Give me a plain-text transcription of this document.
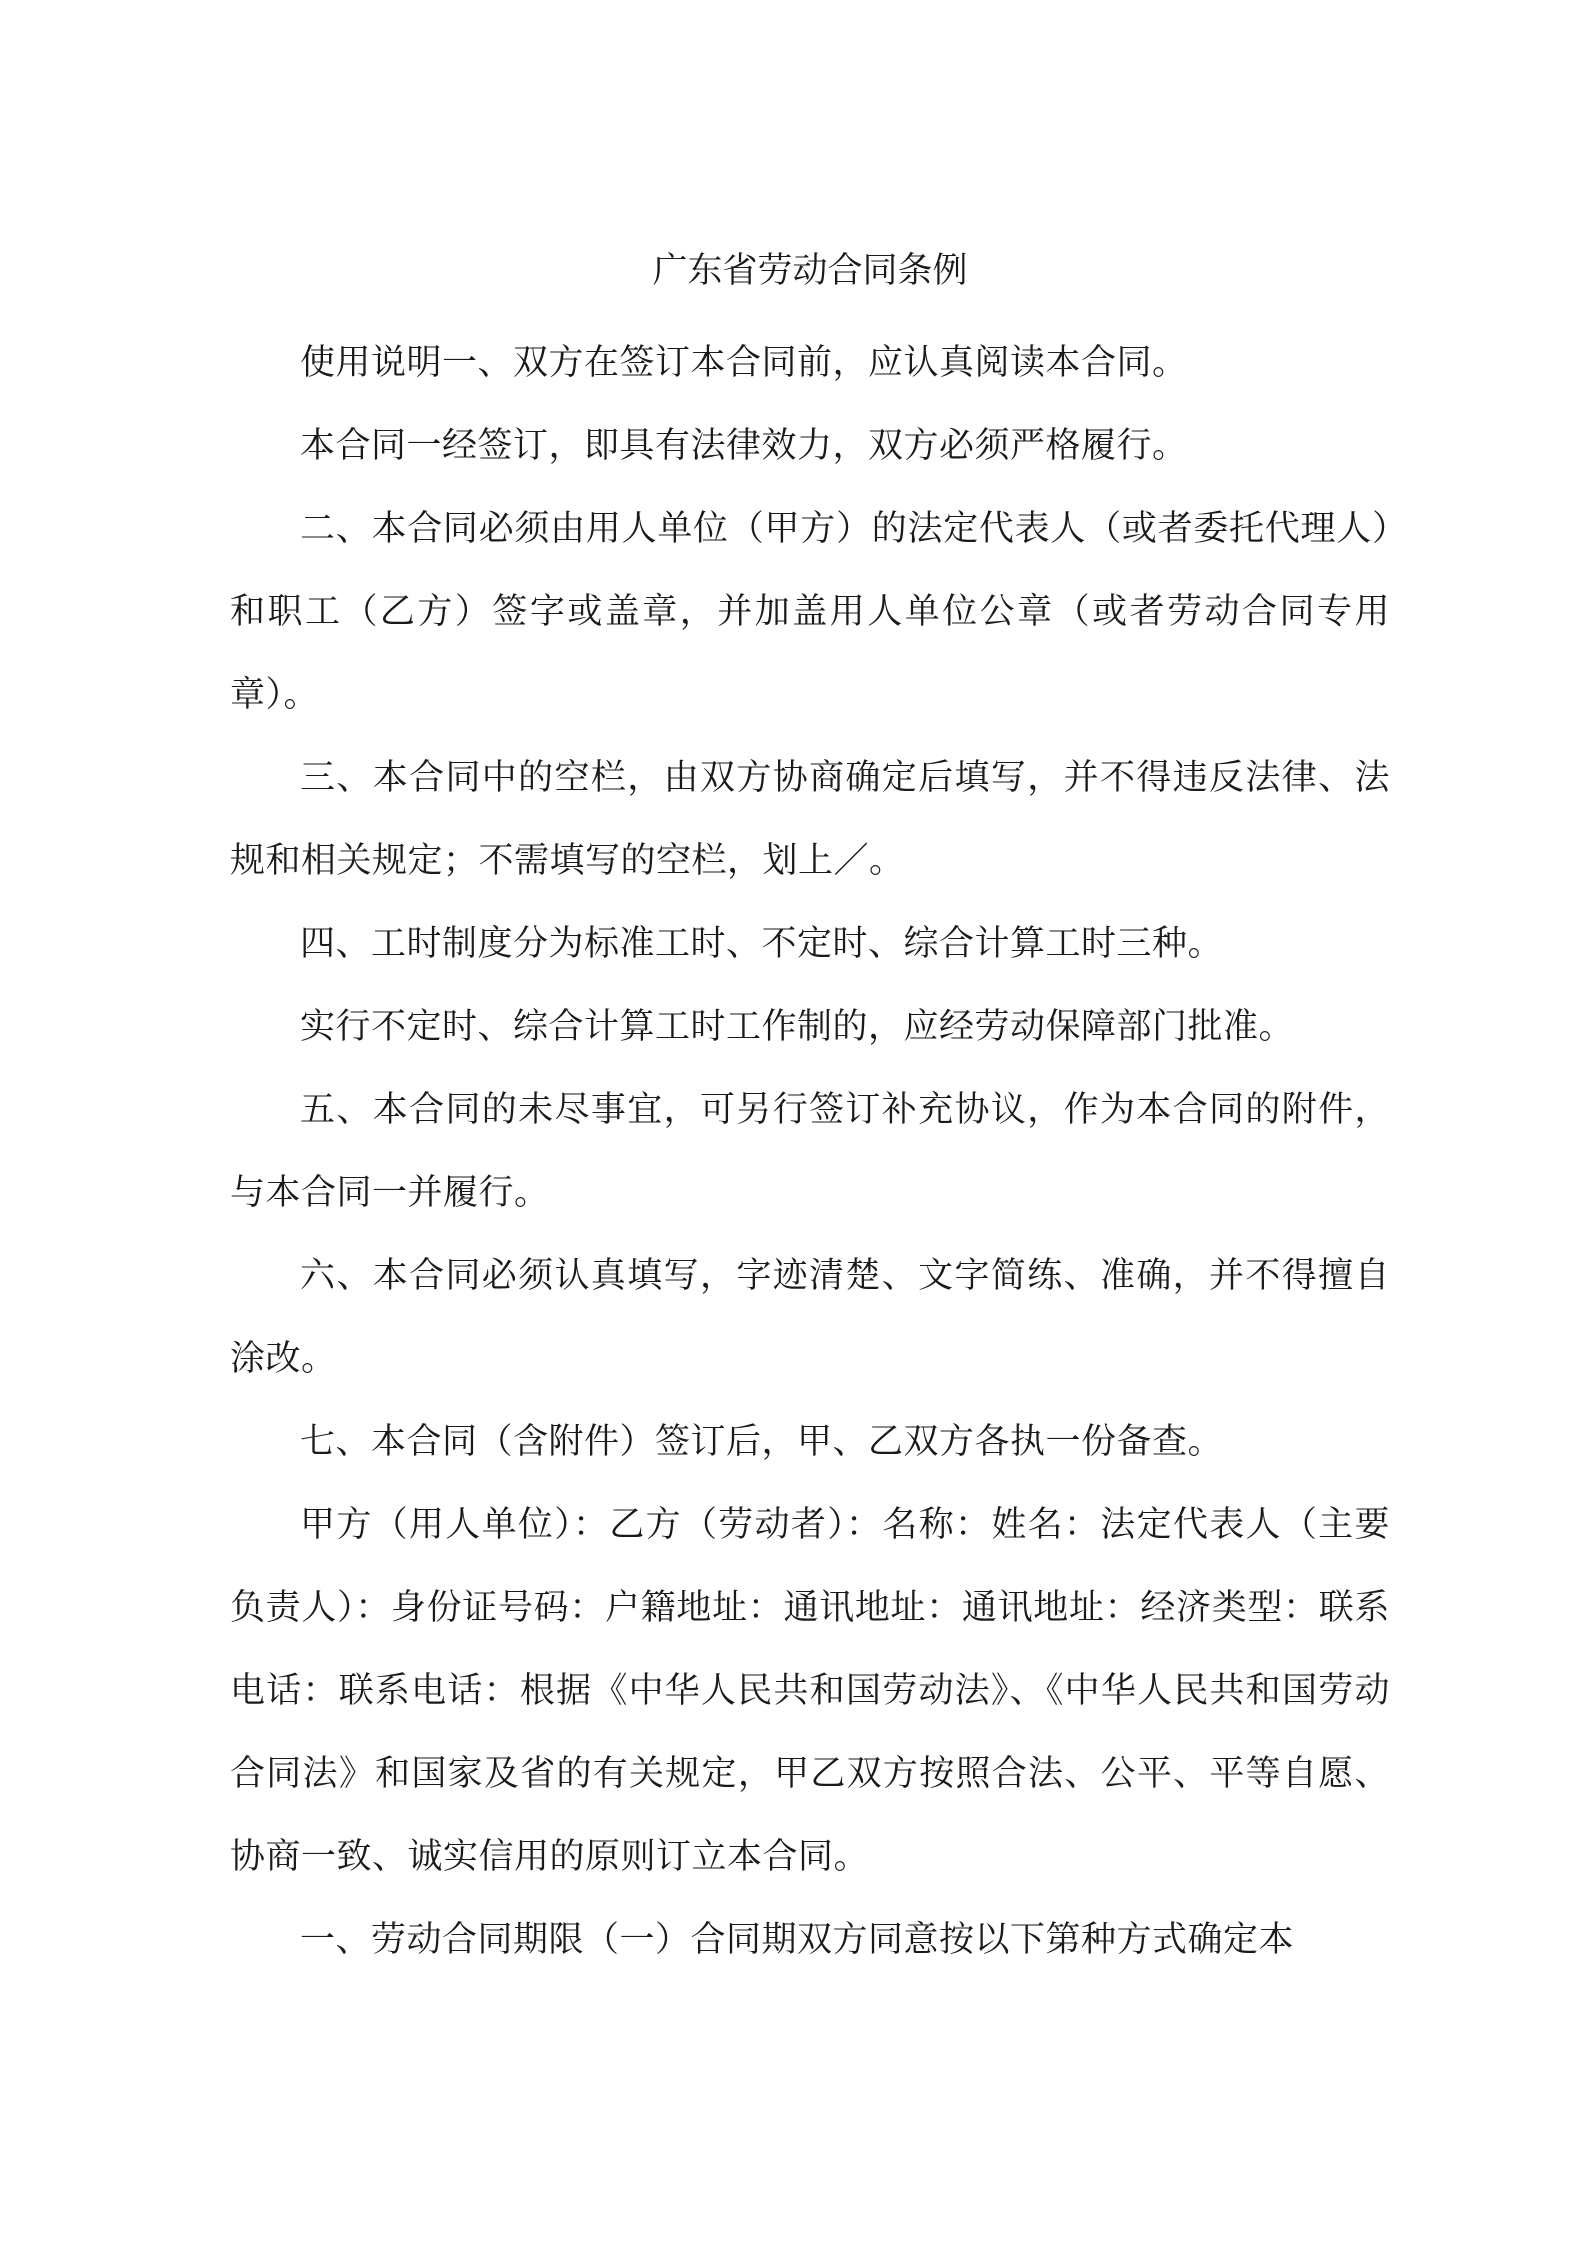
广东省劳动合同条例

使用说明一、双方在签订本合同前，应认真阅读本合同。

本合同一经签订，即具有法律效力，双方必须严格履行。

二、本合同必须由用人单位（甲方）的法定代表人（或者委托代理人）和职工（乙方）签字或盖章，并加盖用人单位公章（或者劳动合同专用章）。

三、本合同中的空栏，由双方协商确定后填写，并不得违反法律、法规和相关规定；不需填写的空栏，划上／。

四、工时制度分为标准工时、不定时、综合计算工时三种。

实行不定时、综合计算工时工作制的，应经劳动保障部门批准。

五、本合同的未尽事宜，可另行签订补充协议，作为本合同的附件，与本合同一并履行。

六、本合同必须认真填写，字迹清楚、文字简练、准确，并不得擅自涂改。

七、本合同（含附件）签订后，甲、乙双方各执一份备查。

甲方（用人单位）：乙方（劳动者）：名称：姓名：法定代表人（主要负责人）：身份证号码：户籍地址：通讯地址：通讯地址：经济类型：联系电话：联系电话：根据《中华人民共和国劳动法》、《中华人民共和国劳动合同法》和国家及省的有关规定，甲乙双方按照合法、公平、平等自愿、协商一致、诚实信用的原则订立本合同。

一、劳动合同期限（一）合同期双方同意按以下第种方式确定本
